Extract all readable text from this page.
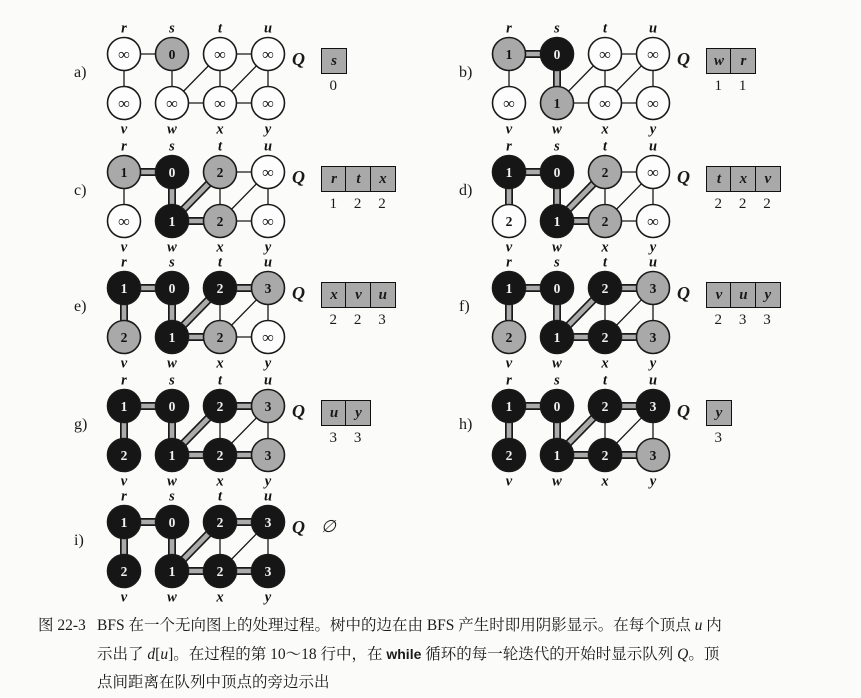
a)
∞
r
0
s
∞
t
∞
u
∞
v
∞
w
∞
x
∞
y
Q	s
0
b)
1
r
0
s
∞
t
∞
u
∞
v
1
w
∞
x
∞
y
Q	w
1
r
1
c)
1
r
0
s
2
t
∞
u
∞
v
1
w
2
x
∞
y
Q	r
1
t
2
x
2
d)
1
r
0
s
2
t
∞
u
2
v
1
w
2
x
∞
y
Q	t
2
x
2
v
2
e)
1
r
0
s
2
t
3
u
2
v
1
w
2
x
∞
y
Q	x
2
v
2
u
3
f)
1
r
0
s
2
t
3
u
2
v
1
w
2
x
3
y
Q	v
2
u
3
y
3
g)
1
r
0
s
2
t
3
u
2
v
1
w
2
x
3
y
Q	u
3
y
3
h)
1
r
0
s
2
t
3
u
2
v
1
w
2
x
3
y
Q	y
3
i)
1
r
0
s
2
t
3
u
2
v
1
w
2
x
3
y
Q ∅
图 22-3 BFS 在一个无向图上的处理过程。树中的边在由 BFS 产生时即用阴影显示。在每个顶点 u 内
示出了 d[u]。在过程的第 10～18 行中，在 while 循环的每一轮迭代的开始时显示队列 Q。顶
点间距离在队列中顶点的旁边示出
